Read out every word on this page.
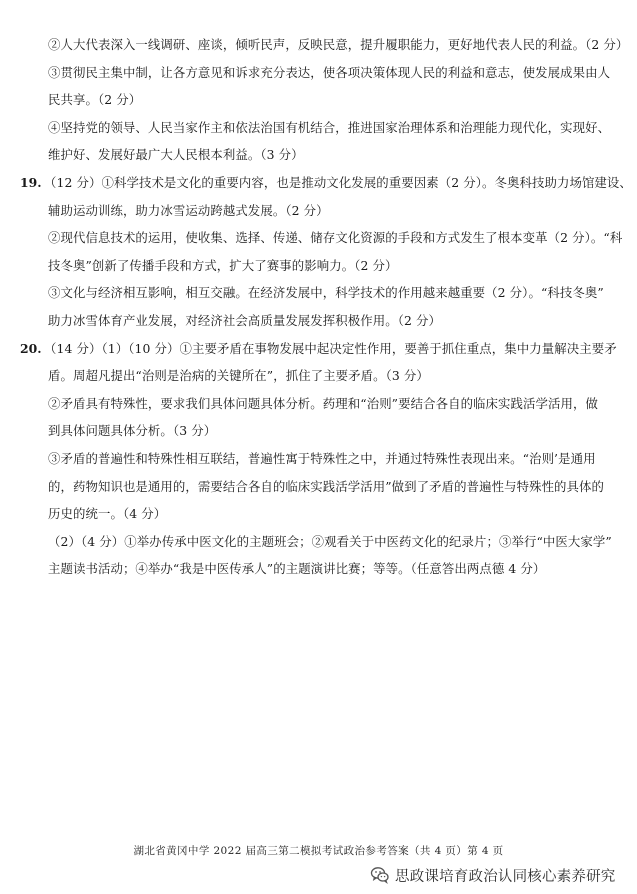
②人大代表深入一线调研、座谈，倾听民声，反映民意，提升履职能力，更好地代表人民的利益。（2 分）

③贯彻民主集中制，让各方意见和诉求充分表达，使各项决策体现人民的利益和意志，使发展成果由人

民共享。（2 分）

④坚持党的领导、人民当家作主和依法治国有机结合，推进国家治理体系和治理能力现代化，实现好、

维护好、发展好最广大人民根本利益。（3 分）

19. （12 分）①科学技术是文化的重要内容，也是推动文化发展的重要因素（2 分）。冬奥科技助力场馆建设、

辅助运动训练，助力冰雪运动跨越式发展。（2 分）

②现代信息技术的运用，使收集、选择、传递、储存文化资源的手段和方式发生了根本变革（2 分）。“科

技冬奥”创新了传播手段和方式，扩大了赛事的影响力。（2 分）

③文化与经济相互影响，相互交融。在经济发展中，科学技术的作用越来越重要（2 分）。“科技冬奥”

助力冰雪体育产业发展，对经济社会高质量发展发挥积极作用。（2 分）

20. （14 分）（1）（10 分）①主要矛盾在事物发展中起决定性作用，要善于抓住重点，集中力量解决主要矛

盾。周超凡提出“治则是治病的关键所在”，抓住了主要矛盾。（3 分）

②矛盾具有特殊性，要求我们具体问题具体分析。药理和“治则”要结合各自的临床实践活学活用，做

到具体问题具体分析。（3 分）

③矛盾的普遍性和特殊性相互联结，普遍性寓于特殊性之中，并通过特殊性表现出来。“治则’是通用

的，药物知识也是通用的，需要结合各自的临床实践活学活用”做到了矛盾的普遍性与特殊性的具体的

历史的统一。（4 分）

（2）（4 分）①举办传承中医文化的主题班会；②观看关于中医药文化的纪录片；③举行“中医大家学”

主题读书活动；④举办“我是中医传承人”的主题演讲比赛；等等。（任意答出两点德 4 分）

湖北省黄冈中学 2022 届高三第二模拟考试政治参考答案（共 4 页）第 4 页
思政课培育政治认同核心素养研究
